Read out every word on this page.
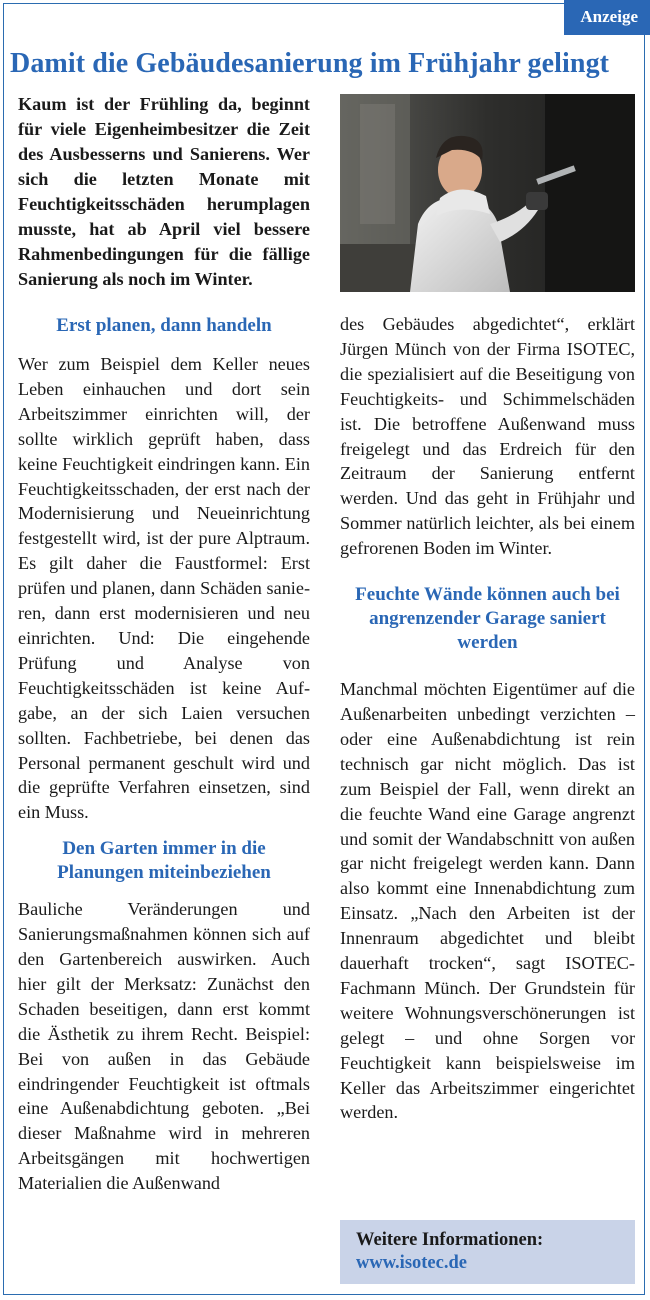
Anzeige
Damit die Gebäudesanierung im Frühjahr gelingt

Kaum ist der Frühling da, beginnt für viele Eigenheimbesitzer die Zeit des Ausbesserns und Sanierens. Wer sich die letzten Monate mit Feuchtigkeitsschäden herumplagen musste, hat ab April viel bessere Rahmenbedingungen für die fällige Sanierung als noch im Winter.

Erst planen, dann handeln

Wer zum Beispiel dem Keller neues Leben einhauchen und dort sein Arbeitszimmer einrichten will, der sollte wirklich geprüft haben, dass keine Feuchtigkeit eindringen kann. Ein Feuchtigkeitsschaden, der erst nach der Modernisierung und Neueinrichtung festgestellt wird, ist der pure Alptraum. Es gilt daher die Faustformel: Erst prüfen und planen, dann Schäden sanieren, dann erst modernisieren und neu einrichten. Und: Die eingehende Prüfung und Analyse von Feuchtigkeitsschäden ist keine Aufgabe, an der sich Laien versuchen sollten. Fachbetriebe, bei denen das Personal permanent geschult wird und die geprüfte Verfahren einsetzen, sind ein Muss.

Den Garten immer in die Planungen miteinbeziehen

Bauliche Veränderungen und Sanierungsmaßnahmen können sich auf den Gartenbereich auswirken. Auch hier gilt der Merksatz: Zunächst den Schaden beseitigen, dann erst kommt die Ästhetik zu ihrem Recht. Beispiel: Bei von außen in das Gebäude eindringender Feuchtigkeit ist oftmals eine Außenabdichtung geboten. „Bei dieser Maßnahme wird in mehreren Arbeitsgängen mit hochwertigen Materialien die Außenwand

des Gebäudes abgedichtet“, erklärt Jürgen Münch von der Firma ISOTEC, die spezialisiert auf die Beseitigung von Feuchtigkeits- und Schimmelschäden ist. Die betroffene Außenwand muss freigelegt und das Erdreich für den Zeitraum der Sanierung entfernt werden. Und das geht in Frühjahr und Sommer natürlich leichter, als bei einem gefrorenen Boden im Winter.

Feuchte Wände können auch bei angrenzender Garage saniert werden

Manchmal möchten Eigentümer auf die Außenarbeiten unbedingt verzichten – oder eine Außenabdichtung ist rein technisch gar nicht möglich. Das ist zum Beispiel der Fall, wenn direkt an die feuchte Wand eine Garage angrenzt und somit der Wandabschnitt von außen gar nicht freigelegt werden kann. Dann also kommt eine Innenabdichtung zum Einsatz. „Nach den Arbeiten ist der Innenraum abgedichtet und bleibt dauerhaft trocken“, sagt ISOTEC-Fachmann Münch. Der Grundstein für weitere Wohnungsverschönerungen ist gelegt – und ohne Sorgen vor Feuchtigkeit kann beispielsweise im Keller das Arbeitszimmer eingerichtet werden.

Weitere Informationen:
www.isotec.de
